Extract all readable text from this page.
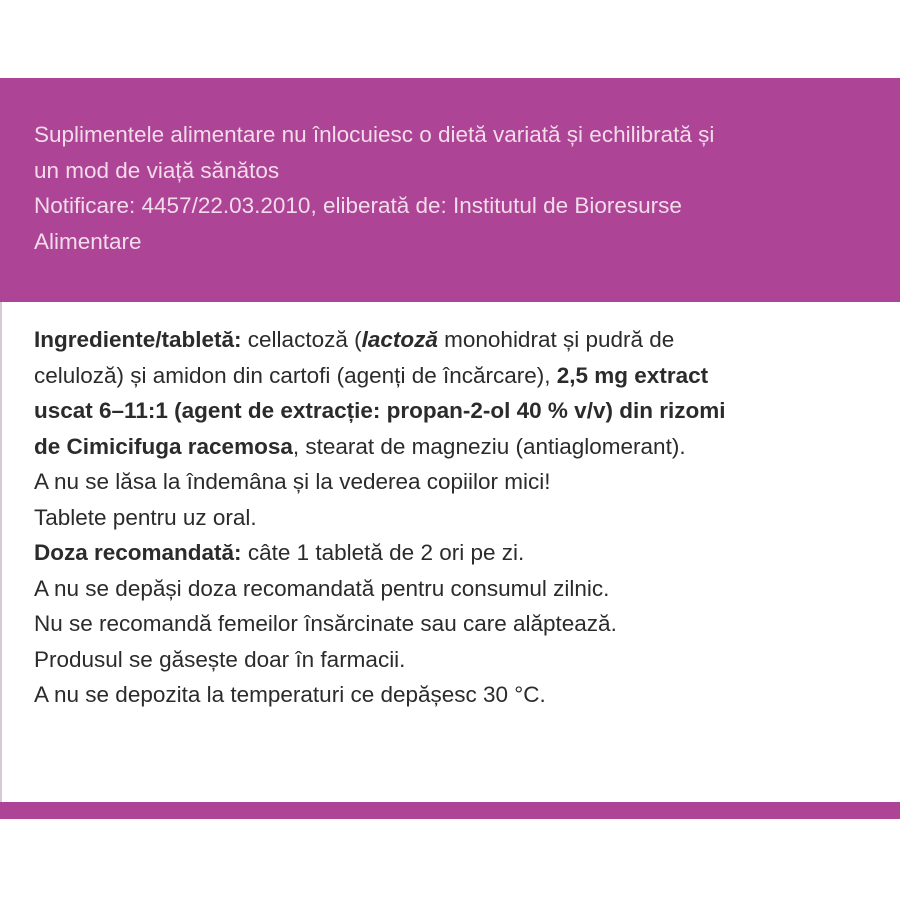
Suplimentele alimentare nu înlocuiesc o dietă variată și echilibrată și
un mod de viață sănătos
Notificare: 4457/22.03.2010, eliberată de: Institutul de Bioresurse
Alimentare

Ingrediente/tabletă: cellactoză (lactoză monohidrat și pudră de
celuloză) și amidon din cartofi (agenți de încărcare), 2,5 mg extract
uscat 6–11:1 (agent de extracție: propan-2-ol 40 % v/v) din rizomi
de Cimicifuga racemosa, stearat de magneziu (antiaglomerant).
A nu se lăsa la îndemâna și la vederea copiilor mici!
Tablete pentru uz oral.
Doza recomandată: câte 1 tabletă de 2 ori pe zi.
A nu se depăși doza recomandată pentru consumul zilnic.
Nu se recomandă femeilor însărcinate sau care alăptează.
Produsul se găsește doar în farmacii.
A nu se depozita la temperaturi ce depășesc 30 °C.
